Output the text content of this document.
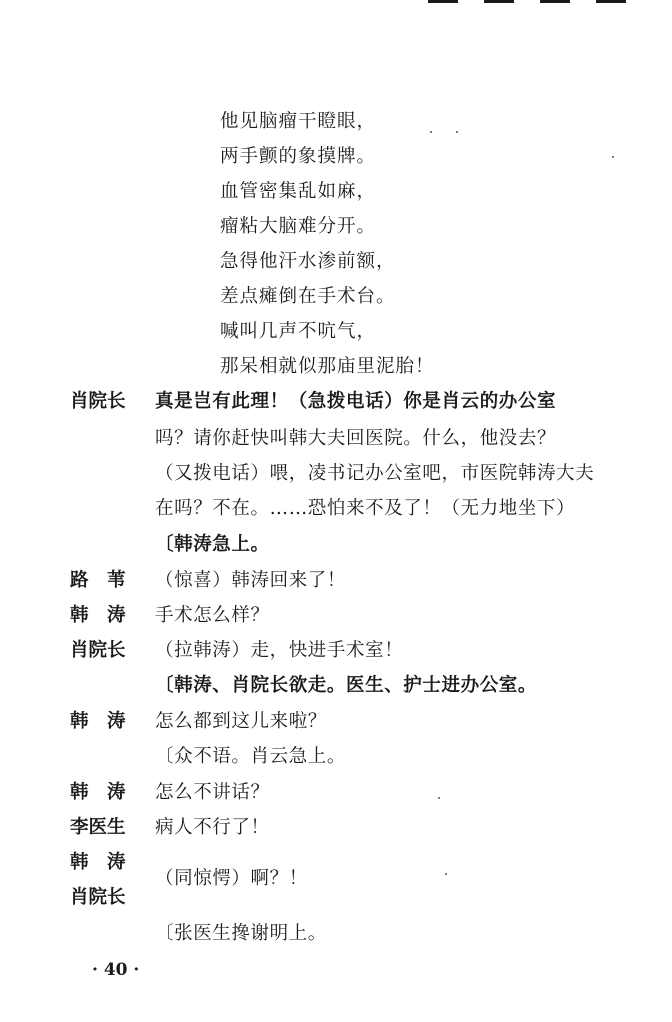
他见脑瘤干瞪眼，
两手颤的象摸牌。
血管密集乱如麻，
瘤粘大脑难分开。
急得他汗水渗前额，
差点瘫倒在手术台。
喊叫几声不吭气，
那呆相就似那庙里泥胎！
肖院长 真是岂有此理！（急拨电话）你是肖云的办公室
吗？请你赶快叫韩大夫回医院。什么，他没去？
（又拨电话）喂，凌书记办公室吧，市医院韩涛大夫
在吗？不在。……恐怕来不及了！（无力地坐下）
〔韩涛急上。
路　苇 （惊喜）韩涛回来了！
韩　涛 手术怎么样？
肖院长 （拉韩涛）走，快进手术室！
〔韩涛、肖院长欲走。医生、护士进办公室。
韩　涛 怎么都到这儿来啦？
〔众不语。肖云急上。
韩　涛 怎么不讲话？
李医生 病人不行了！
韩　涛
肖院长
（同惊愕）啊？！
〔张医生搀谢明上。
· 40 ·
